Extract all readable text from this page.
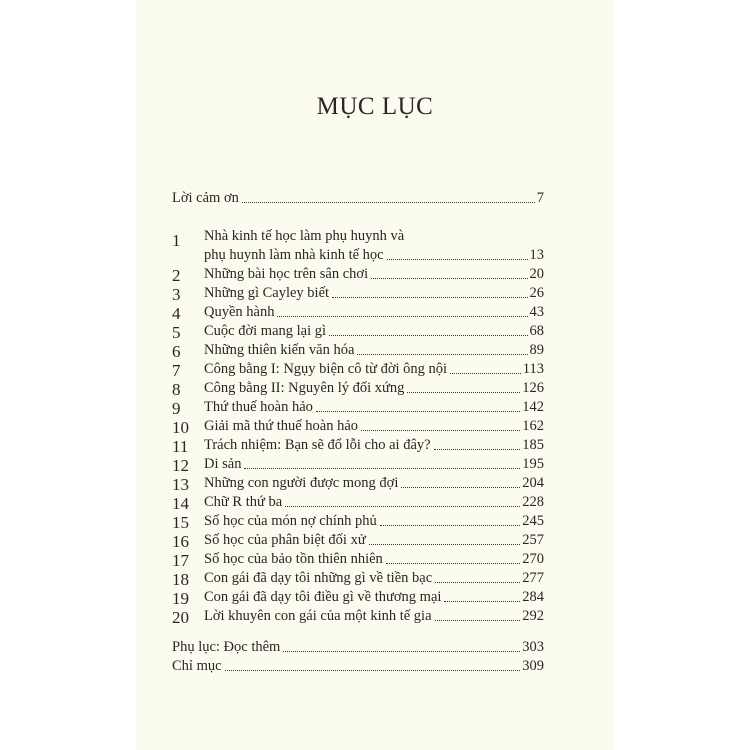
MỤC LỤC
Lời cảm ơn	7
1 Nhà kinh tế học làm phụ huynh và
phụ huynh làm nhà kinh tế học	13
2 Những bài học trên sân chơi	20
3 Những gì Cayley biết	26
4 Quyền hành	43
5 Cuộc đời mang lại gì	68
6 Những thiên kiến văn hóa	89
7 Công bằng I: Ngụy biện cô từ đời ông nội	113
8 Công bằng II: Nguyên lý đối xứng	126
9 Thứ thuế hoàn hảo	142
10 Giải mã thứ thuế hoàn hảo	162
11 Trách nhiệm: Bạn sẽ đổ lỗi cho ai đây?	185
12 Di sản	195
13 Những con người được mong đợi	204
14 Chữ R thứ ba	228
15 Số học của món nợ chính phủ	245
16 Số học của phân biệt đối xử	257
17 Số học của bảo tồn thiên nhiên	270
18 Con gái đã dạy tôi những gì về tiền bạc	277
19 Con gái đã dạy tôi điều gì về thương mại	284
20 Lời khuyên con gái của một kinh tế gia	292
Phụ lục: Đọc thêm	303
Chỉ mục	309
